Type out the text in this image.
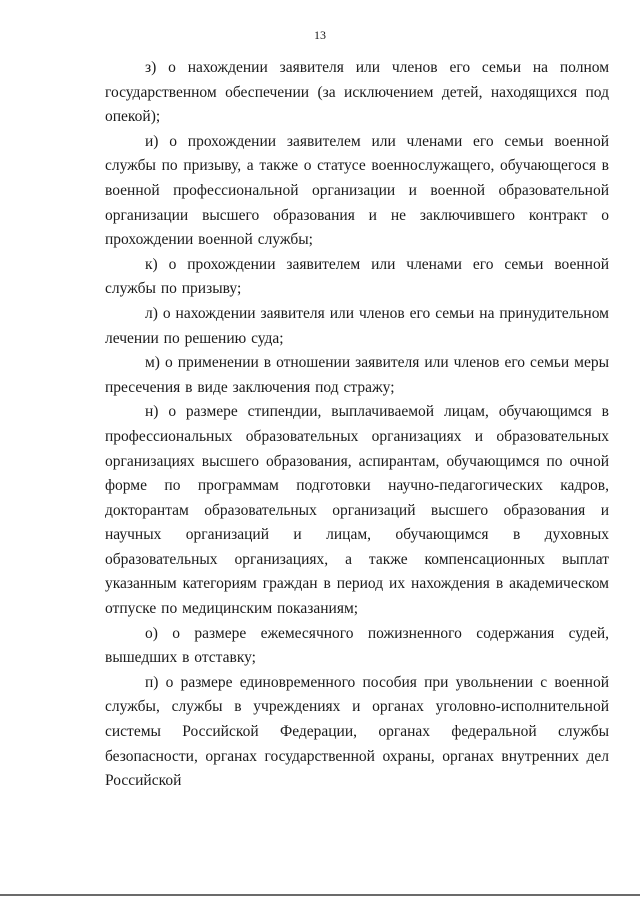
13

з) о нахождении заявителя или членов его семьи на полном государственном обеспечении (за исключением детей, находящихся под опекой);

и) о прохождении заявителем или членами его семьи военной службы по призыву, а также о статусе военнослужащего, обучающегося в военной профессиональной организации и военной образовательной организации высшего образования и не заключившего контракт о прохождении военной службы;

к) о прохождении заявителем или членами его семьи военной службы по призыву;

л) о нахождении заявителя или членов его семьи на принудительном лечении по решению суда;

м) о применении в отношении заявителя или членов его семьи меры пресечения в виде заключения под стражу;

н) о размере стипендии, выплачиваемой лицам, обучающимся в профессиональных образовательных организациях и образовательных организациях высшего образования, аспирантам, обучающимся по очной форме по программам подготовки научно-педагогических кадров, докторантам образовательных организаций высшего образования и научных организаций и лицам, обучающимся в духовных образовательных организациях, а также компенсационных выплат указанным категориям граждан в период их нахождения в академическом отпуске по медицинским показаниям;

о) о размере ежемесячного пожизненного содержания судей, вышедших в отставку;

п) о размере единовременного пособия при увольнении с военной службы, службы в учреждениях и органах уголовно-исполнительной системы Российской Федерации, органах федеральной службы безопасности, органах государственной охраны, органах внутренних дел Российской
